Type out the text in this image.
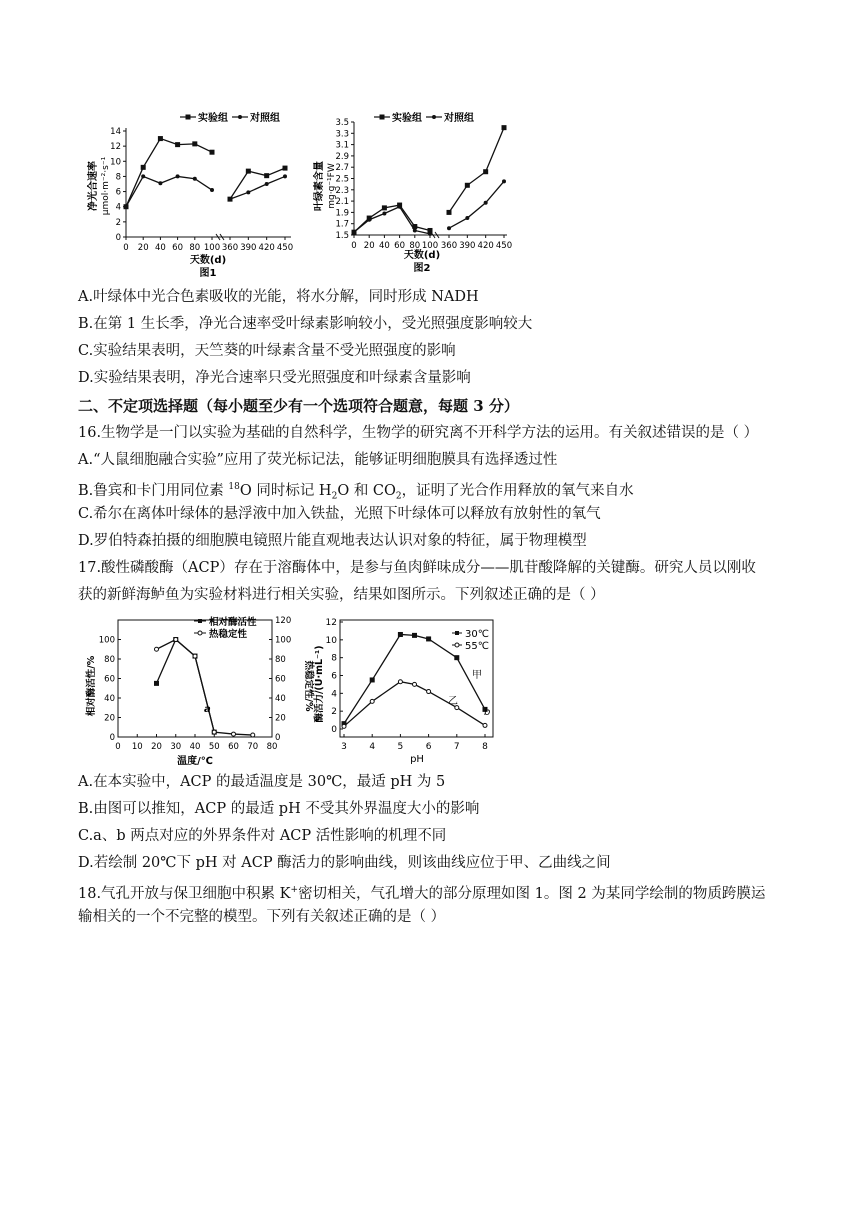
实验组 对照组
净光合速率 μmol·m⁻²·s⁻¹
0
2
4
6
8
10
12
14
0 20 40 60 80 100 360 390 420 450
天数(d)
图1
实验组 对照组
叶绿素含量 mg·g⁻¹FW
1.5
1.7
1.9
2.1
2.3
2.5
2.7
2.9
3.1
3.3
3.5
0 20 40 60 80 100 360 390 420 450
天数(d)
图2
A.叶绿体中光合色素吸收的光能，将水分解，同时形成 NADH
B.在第 1 生长季，净光合速率受叶绿素影响较小，受光照强度影响较大
C.实验结果表明，天竺葵的叶绿素含量不受光照强度的影响
D.实验结果表明，净光合速率只受光照强度和叶绿素含量影响
二、不定项选择题（每小题至少有一个选项符合题意，每题 3 分）
16.生物学是一门以实验为基础的自然科学，生物学的研究离不开科学方法的运用。有关叙述错误的是（ ）
A.“人鼠细胞融合实验”应用了荧光标记法，能够证明细胞膜具有选择透过性
B.鲁宾和卡门用同位素 $^{18}$O 同时标记 $H_2O$ 和 $CO_2$，证明了光合作用释放的氧气来自水
C.希尔在离体叶绿体的悬浮液中加入铁盐，光照下叶绿体可以释放有放射性的氧气
D.罗伯特森拍摄的细胞膜电镜照片能直观地表达认识对象的特征，属于物理模型
17.酸性磷酸酶（ACP）存在于溶酶体中，是参与鱼肉鲜味成分——肌苷酸降解的关键酶。研究人员以刚收
获的新鲜海鲈鱼为实验材料进行相关实验，结果如图所示。下列叙述正确的是（ ）
相对酶活性
热稳定性
相对酶活性/%	热稳定性/%
0
20
40
60
80
100
0
20
40
60
80
100
120
0 10 20 30 40 50 60 70 80
a
温度/℃
30℃
55℃
酶活力/(U·mL⁻¹)
0
2
4
6
8
10
12
3 4 5 6 7 8
甲
乙
b
pH
A.在本实验中，ACP 的最适温度是 30℃，最适 pH 为 5
B.由图可以推知，ACP 的最适 pH 不受其外界温度大小的影响
C.a、b 两点对应的外界条件对 ACP 活性影响的机理不同
D.若绘制 20℃下 pH 对 ACP 酶活力的影响曲线，则该曲线应位于甲、乙曲线之间
18.气孔开放与保卫细胞中积累 K+密切相关，气孔增大的部分原理如图 1。图 2 为某同学绘制的物质跨膜运
输相关的一个不完整的模型。下列有关叙述正确的是（ ）
